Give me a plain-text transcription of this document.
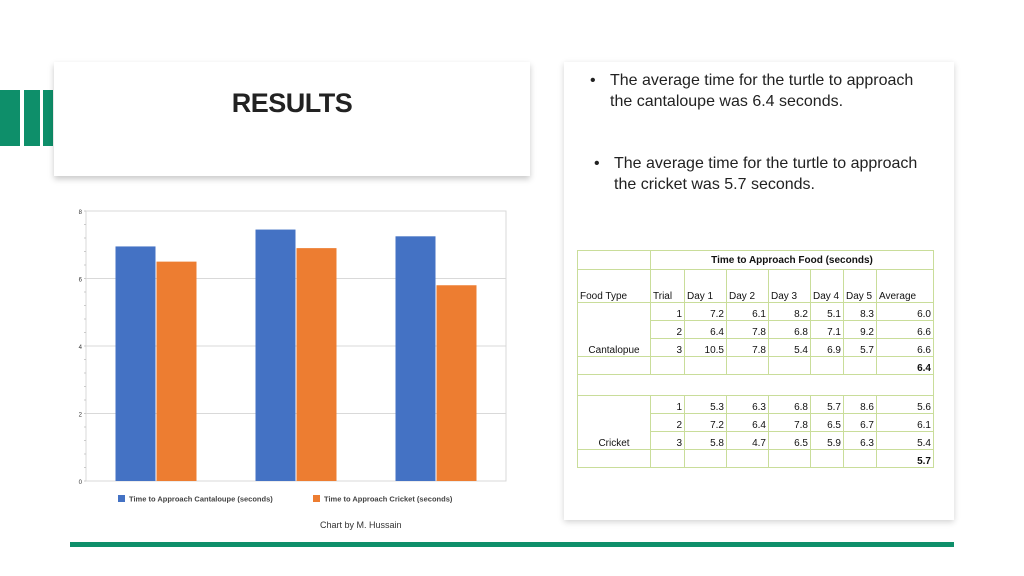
RESULTS
0
2
4
6
8
Time to Approach Cantaloupe (seconds)	Time to Approach Cricket (seconds)
Chart by M. Hussain
• The average time for the turtle to approach the cantaloupe was 6.4 seconds.
• The average time for the turtle to approach the cricket was 5.7 seconds.
	Time to Approach Food (seconds)						
Food Type	Trial	Day 1	Day 2	Day 3	Day 4	Day 5	Average
Cantalopue	1	7.2	6.1	8.2	5.1	8.3	6.0
	2	6.4	7.8	6.8	7.1	9.2	6.6
	3	10.5	7.8	5.4	6.9	5.7	6.6
							6.4

Cricket	1	5.3	6.3	6.8	5.7	8.6	5.6
	2	7.2	6.4	7.8	6.5	6.7	6.1
	3	5.8	4.7	6.5	5.9	6.3	5.4
							5.7
